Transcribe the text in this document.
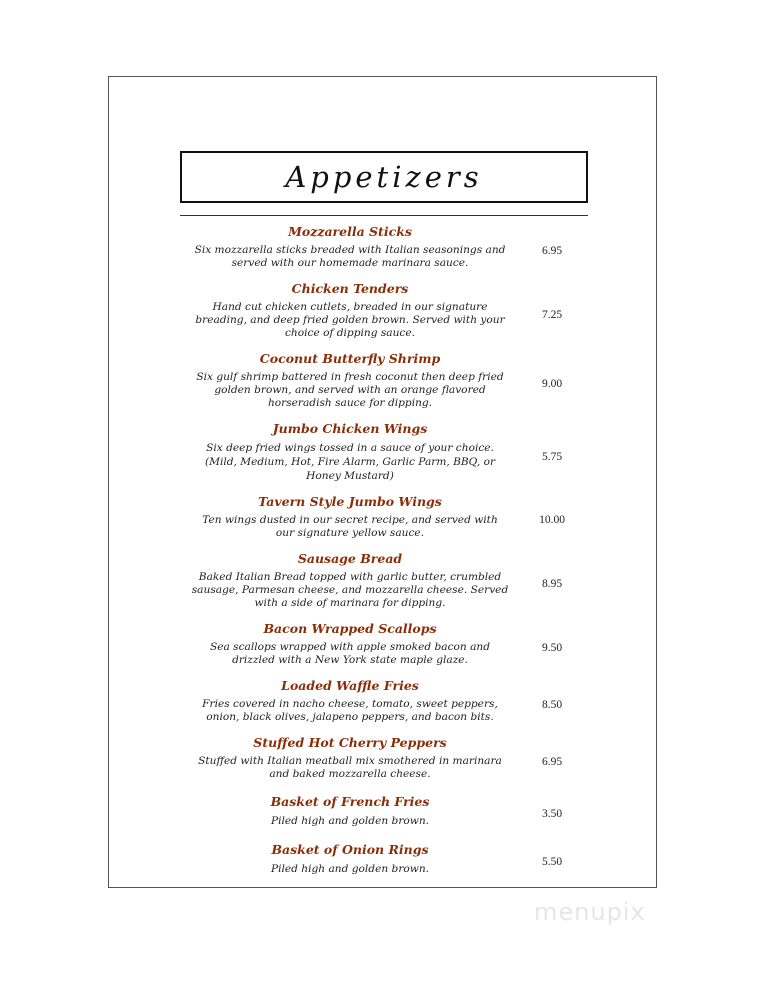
Appetizers
Mozzarella Sticks
Six mozzarella sticks breaded with Italian seasonings and
served with our homemade marinara sauce.
6.95
Chicken Tenders
Hand cut chicken cutlets, breaded in our signature
breading, and deep fried golden brown. Served with your
choice of dipping sauce.
7.25
Coconut Butterfly Shrimp
Six gulf shrimp battered in fresh coconut then deep fried
golden brown, and served with an orange flavored
horseradish sauce for dipping.
9.00
Jumbo Chicken Wings
Six deep fried wings tossed in a sauce of your choice.
(Mild, Medium, Hot, Fire Alarm, Garlic Parm, BBQ, or
Honey Mustard)
5.75
Tavern Style Jumbo Wings
Ten wings dusted in our secret recipe, and served with
our signature yellow sauce.
10.00
Sausage Bread
Baked Italian Bread topped with garlic butter, crumbled
sausage, Parmesan cheese, and mozzarella cheese. Served
with a side of marinara for dipping.
8.95
Bacon Wrapped Scallops
Sea scallops wrapped with apple smoked bacon and
drizzled with a New York state maple glaze.
9.50
Loaded Waffle Fries
Fries covered in nacho cheese, tomato, sweet peppers,
onion, black olives, jalapeno peppers, and bacon bits.
8.50
Stuffed Hot Cherry Peppers
Stuffed with Italian meatball mix smothered in marinara
and baked mozzarella cheese.
6.95
Basket of French Fries
Piled high and golden brown.
3.50
Basket of Onion Rings
Piled high and golden brown.
5.50
menupix
